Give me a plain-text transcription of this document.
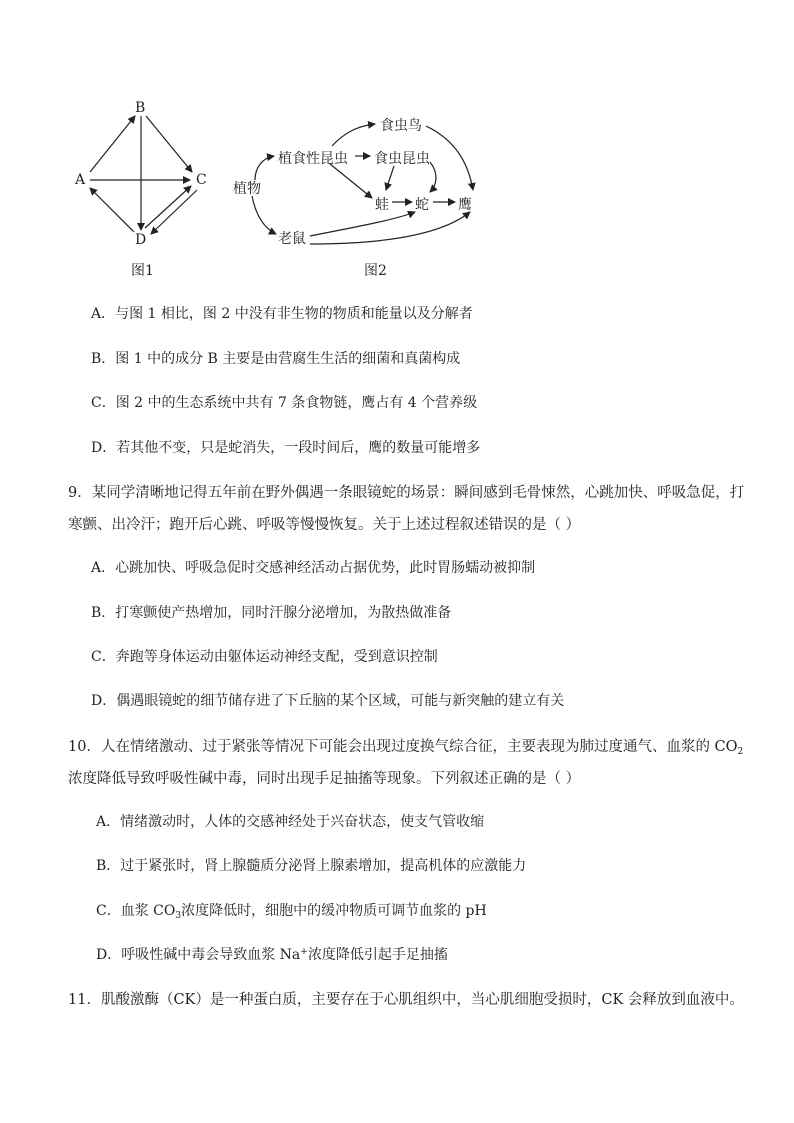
B
A	C
D
图1
植物
植食性昆虫
食虫鸟
食虫昆虫
蛙 蛇 鹰
老鼠
图2
A．与图 1 相比，图 2 中没有非生物的物质和能量以及分解者
B．图 1 中的成分 B 主要是由营腐生生活的细菌和真菌构成
C．图 2 中的生态系统中共有 7 条食物链，鹰占有 4 个营养级
D．若其他不变，只是蛇消失，一段时间后，鹰的数量可能增多
9．某同学清晰地记得五年前在野外偶遇一条眼镜蛇的场景：瞬间感到毛骨悚然，心跳加快、呼吸急促，打
寒颤、出冷汗；跑开后心跳、呼吸等慢慢恢复。关于上述过程叙述错误的是（ ）
A．心跳加快、呼吸急促时交感神经活动占据优势，此时胃肠蠕动被抑制
B．打寒颤使产热增加，同时汗腺分泌增加，为散热做准备
C．奔跑等身体运动由躯体运动神经支配，受到意识控制
D．偶遇眼镜蛇的细节储存进了下丘脑的某个区域，可能与新突触的建立有关
10．人在情绪激动、过于紧张等情况下可能会出现过度换气综合征，主要表现为肺过度通气、血浆的 $CO_2$
浓度降低导致呼吸性碱中毒，同时出现手足抽搐等现象。下列叙述正确的是（ ）
A．情绪激动时，人体的交感神经处于兴奋状态，使支气管收缩
B．过于紧张时，肾上腺髓质分泌肾上腺素增加，提高机体的应激能力
C．血浆 $CO_3$浓度降低时，细胞中的缓冲物质可调节血浆的 pH
D．呼吸性碱中毒会导致血浆 Na+浓度降低引起手足抽搐
11．肌酸激酶（CK）是一种蛋白质，主要存在于心肌组织中，当心肌细胞受损时，CK 会释放到血液中。
